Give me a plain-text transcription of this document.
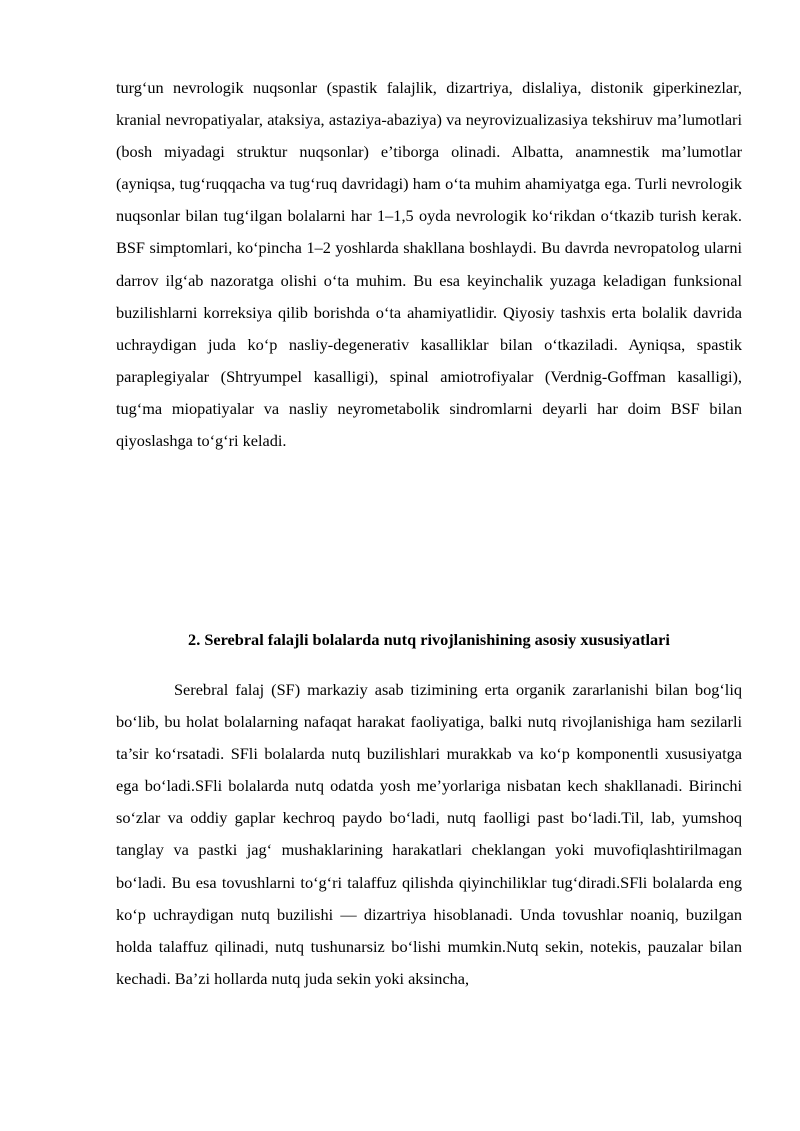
turg‘un nevrologik nuqsonlar (spastik falajlik, dizartriya, dislaliya, distonik giperkinezlar, kranial nevropatiyalar, ataksiya, astaziya-abaziya) va neyrovizualizasiya tekshiruv ma’lumotlari (bosh miyadagi struktur nuqsonlar) e’tiborga olinadi. Albatta, anamnestik ma’lumotlar (ayniqsa, tug‘ruqqacha va tug‘ruq davridagi) ham o‘ta muhim ahamiyatga ega. Turli nevrologik nuqsonlar bilan tug‘ilgan bolalarni har 1–1,5 oyda nevrologik ko‘rikdan o‘tkazib turish kerak. BSF simptomlari, ko‘pincha 1–2 yoshlarda shakllana boshlaydi. Bu davrda nevropatolog ularni darrov ilg‘ab nazoratga olishi o‘ta muhim. Bu esa keyinchalik yuzaga keladigan funksional buzilishlarni korreksiya qilib borishda o‘ta ahamiyatlidir. Qiyosiy tashxis erta bolalik davrida uchraydigan juda ko‘p nasliy-degenerativ kasalliklar bilan o‘tkaziladi. Ayniqsa, spastik paraplegiyalar (Shtryumpel kasalligi), spinal amiotrofiyalar (Verdnig-Goffman kasalligi), tug‘ma miopatiyalar va nasliy neyrometabolik sindromlarni deyarli har doim BSF bilan qiyoslashga to‘g‘ri keladi.

2. Serebral falajli bolalarda nutq rivojlanishining asosiy xususiyatlari

Serebral falaj (SF) markaziy asab tizimining erta organik zararlanishi bilan bog‘liq bo‘lib, bu holat bolalarning nafaqat harakat faoliyatiga, balki nutq rivojlanishiga ham sezilarli ta’sir ko‘rsatadi. SFli bolalarda nutq buzilishlari murakkab va ko‘p komponentli xususiyatga ega bo‘ladi.SFli bolalarda nutq odatda yosh me’yorlariga nisbatan kech shakllanadi. Birinchi so‘zlar va oddiy gaplar kechroq paydo bo‘ladi, nutq faolligi past bo‘ladi.Til, lab, yumshoq tanglay va pastki jag‘ mushaklarining harakatlari cheklangan yoki muvofiqlashtirilmagan bo‘ladi. Bu esa tovushlarni to‘g‘ri talaffuz qilishda qiyinchiliklar tug‘diradi.SFli bolalarda eng ko‘p uchraydigan nutq buzilishi — dizartriya hisoblanadi. Unda tovushlar noaniq, buzilgan holda talaffuz qilinadi, nutq tushunarsiz bo‘lishi mumkin.Nutq sekin, notekis, pauzalar bilan kechadi. Ba’zi hollarda nutq juda sekin yoki aksincha,
